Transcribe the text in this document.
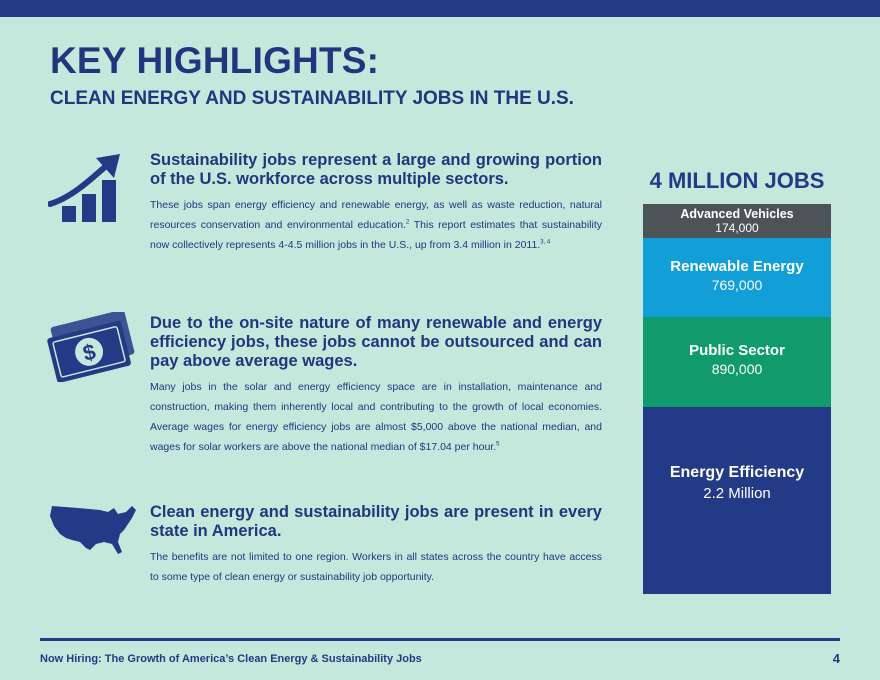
KEY HIGHLIGHTS:
CLEAN ENERGY AND SUSTAINABILITY JOBS IN THE U.S.
Sustainability jobs represent a large and growing portion of the U.S. workforce across multiple sectors.

These jobs span energy efficiency and renewable energy, as well as waste reduction, natural resources conservation and environmental education.$^2$ This report estimates that sustainability now collectively represents 4-4.5 million jobs in the U.S., up from 3.4 million in 2011.$^{3, 4}$

$
Due to the on-site nature of many renewable and energy efficiency jobs, these jobs cannot be outsourced and can pay above average wages.

Many jobs in the solar and energy efficiency space are in installation, maintenance and construction, making them inherently local and contributing to the growth of local economies. Average wages for energy efficiency jobs are almost $5,000 above the national median, and wages for solar workers are above the national median of $17.04 per hour.$^5$

Clean energy and sustainability jobs are present in every state in America.

The benefits are not limited to one region. Workers in all states across the country have access to some type of clean energy or sustainability job opportunity.

4 MILLION JOBS
Advanced Vehicles
174,000
Renewable Energy
769,000
Public Sector
890,000
Energy Efficiency
2.2 Million
Now Hiring: The Growth of America’s Clean Energy & Sustainability Jobs	4
